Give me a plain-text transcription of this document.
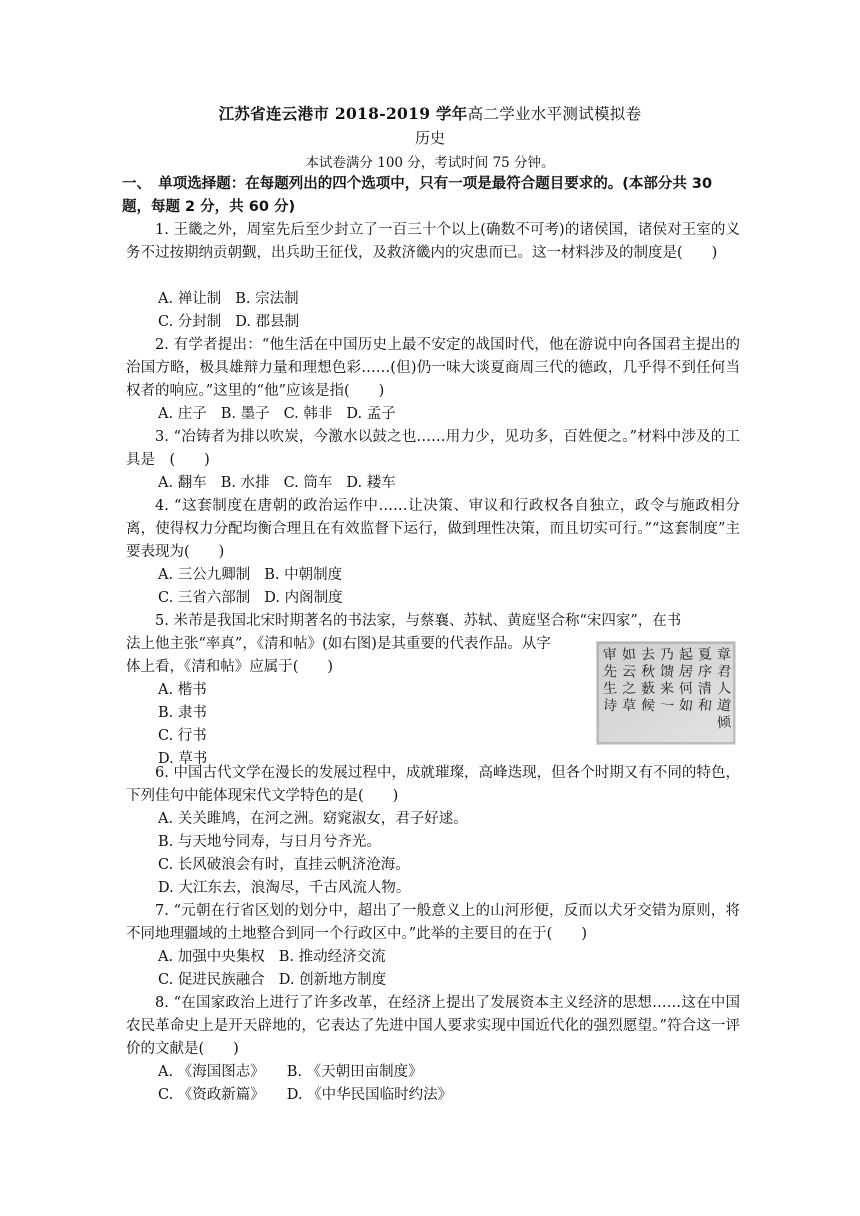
江苏省连云港市 2018-2019 学年高二学业水平测试模拟卷
历史
本试卷满分 100 分，考试时间 75 分钟。
一、　单项选择题：在每题列出的四个选项中，只有一项是最符合题目要求的。(本部分共 30 题，每题 2 分，共 60 分)
1. 王畿之外，周室先后至少封立了一百三十个以上(确数不可考)的诸侯国，诸侯对王室的义务不过按期纳贡朝觐，出兵助王征伐，及救济畿内的灾患而已。这一材料涉及的制度是(　　)
A. 禅让制 B. 宗法制
C. 分封制 D. 郡县制
2. 有学者提出：“他生活在中国历史上最不安定的战国时代，他在游说中向各国君主提出的治国方略，极具雄辩力量和理想色彩……(但)仍一味大谈夏商周三代的德政，几乎得不到任何当权者的响应。”这里的“他”应该是指(　　)
A. 庄子 B. 墨子 C. 韩非 D. 孟子
3. “冶铸者为排以吹炭，今激水以鼓之也……用力少，见功多，百姓便之。”材料中涉及的工具是　(　　)
A. 翻车 B. 水排 C. 筒车 D. 耧车
4. “这套制度在唐朝的政治运作中……让决策、审议和行政权各自独立，政令与施政相分离，使得权力分配均衡合理且在有效监督下运行，做到理性决策，而且切实可行。”“这套制度”主要表现为(　　)
A. 三公九卿制 B. 中朝制度
C. 三省六部制 D. 内阁制度
5. 米芾是我国北宋时期著名的书法家，与蔡襄、苏轼、黄庭坚合称“宋四家”，在书
法上他主张“率真”，《清和帖》(如右图)是其重要的代表作品。从字
体上看，《清和帖》应属于(　　)
A. 楷书
B. 隶书
C. 行书
D. 草书
章
君
人
道
倾
夏
序
清
和
起
居
何
如
乃
馈
来
一
去
秋
薮
候
如
云
之
草
审
先
生
诗
6. 中国古代文学在漫长的发展过程中，成就璀璨，高峰迭现，但各个时期又有不同的特色，下列佳句中能体现宋代文学特色的是(　　)
A. 关关雎鸠，在河之洲。窈窕淑女，君子好逑。
B. 与天地兮同寿，与日月兮齐光。
C. 长风破浪会有时，直挂云帆济沧海。
D. 大江东去，浪淘尽，千古风流人物。
7. “元朝在行省区划的划分中，超出了一般意义上的山河形便，反而以犬牙交错为原则，将不同地理疆域的土地整合到同一个行政区中。”此举的主要目的在于(　　)
A. 加强中央集权 B. 推动经济交流
C. 促进民族融合 D. 创新地方制度
8. “在国家政治上进行了许多改革，在经济上提出了发展资本主义经济的思想……这在中国农民革命史上是开天辟地的，它表达了先进中国人要求实现中国近代化的强烈愿望。”符合这一评价的文献是(　　)
A. 《海国图志》 B. 《天朝田亩制度》
C. 《资政新篇》 D. 《中华民国临时约法》
